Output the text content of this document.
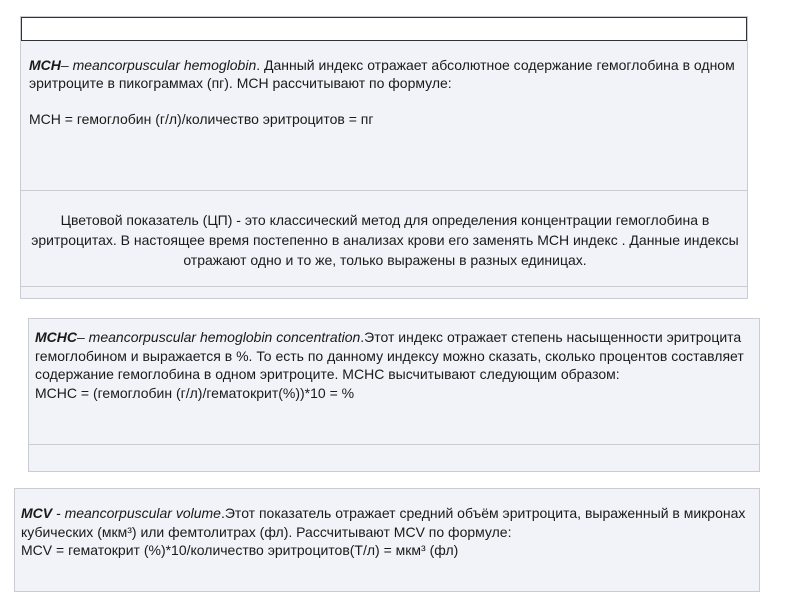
МСН– meancorpuscular hemoglobin. Данный индекс отражает абсолютное содержание гемоглобина в одном эритроците в пикограммах (пг). МСН рассчитывают по формуле:

МСН = гемоглобин (г/л)/количество эритроцитов = пг

Цветовой показатель (ЦП) - это классический метод для определения концентрации гемоглобина в эритроцитах. В настоящее время постепенно в анализах крови его заменять МСН индекс . Данные индексы отражают одно и то же, только выражены в разных единицах.

МСНС– meancorpuscular hemoglobin concentration.Этот индекс отражает степень насыщенности эритроцита гемоглобином и выражается в %. То есть по данному индексу можно сказать, сколько процентов составляет содержание гемоглобина в одном эритроците. МСНС высчитывают следующим образом:

МСНС = (гемоглобин (г/л)/гематокрит(%))*10 = %

MCV - meancorpuscular volume.Этот показатель отражает средний объём эритроцита, выраженный в микронах кубических (мкм³) или фемтолитрах (фл). Рассчитывают MCV по формуле:

MCV = гематокрит (%)*10/количество эритроцитов(Т/л) = мкм³ (фл)
